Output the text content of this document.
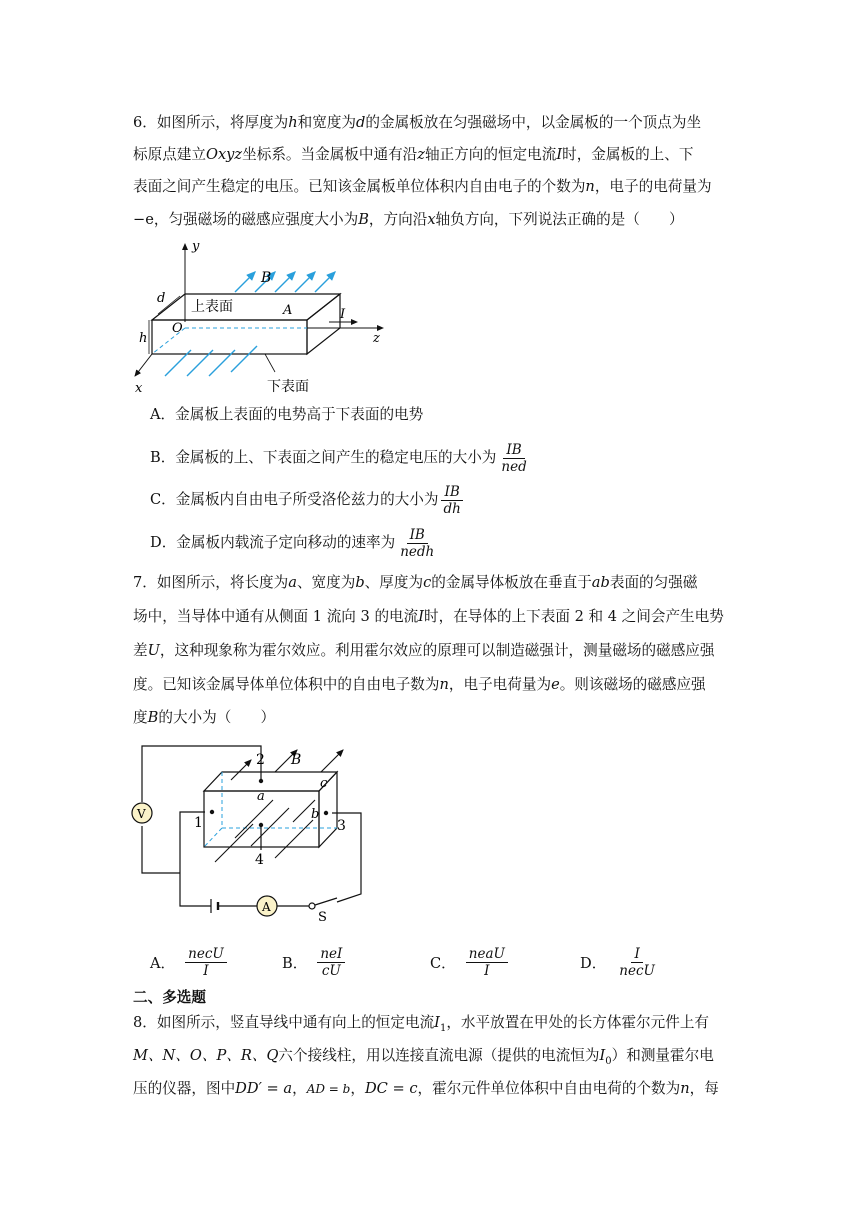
6．如图所示，将厚度为h和宽度为d的金属板放在匀强磁场中，以金属板的一个顶点为坐
标原点建立Oxyz坐标系。当金属板中通有沿z轴正方向的恒定电流I时，金属板的上、下
表面之间产生稳定的电压。已知该金属板单位体积内自由电子的个数为n，电子的电荷量为
−e，匀强磁场的磁感应强度大小为B，方向沿x轴负方向，下列说法正确的是（　　）
y
B
z
I
x
d
h
上表面	A
O
下表面
A．金属板上表面的电势高于下表面的电势
B．金属板的上、下表面之间产生的稳定电压的大小为 $\frac{IB}{\text{ned}}$
C．金属板内自由电子所受洛伦兹力的大小为 $\frac{IB}{dh}$
D．金属板内载流子定向移动的速率为 $\frac{IB}{\text{nedh}}$
7．如图所示，将长度为a、宽度为b、厚度为c的金属导体板放在垂直于ab表面的匀强磁
场中，当导体中通有从侧面 1 流向 3 的电流I时，在导体的上下表面 2 和 4 之间会产生电势
差U，这种现象称为霍尔效应。利用霍尔效应的原理可以制造磁强计，测量磁场的磁感应强
度。已知该金属导体单位体积中的自由电子数为n，电子电荷量为e。则该磁场的磁感应强
度B的大小为（　　）
V
A
S
2 B
c
a
b
1	3
4
A． $\frac{\text{necU}}{I}$	B． $\frac{\text{neI}}{cU}$	C． $\frac{\text{neaU}}{I}$	D． $\frac{I}{\text{necU}}$
二、多选题
8．如图所示，竖直导线中通有向上的恒定电流$I_1$，水平放置在甲处的长方体霍尔元件上有
M、N、O、P、R、Q六个接线柱，用以连接直流电源（提供的电流恒为$I_0$）和测量霍尔电
压的仪器，图中DD′ = a，AD = b，DC = c，霍尔元件单位体积中自由电荷的个数为n，每
